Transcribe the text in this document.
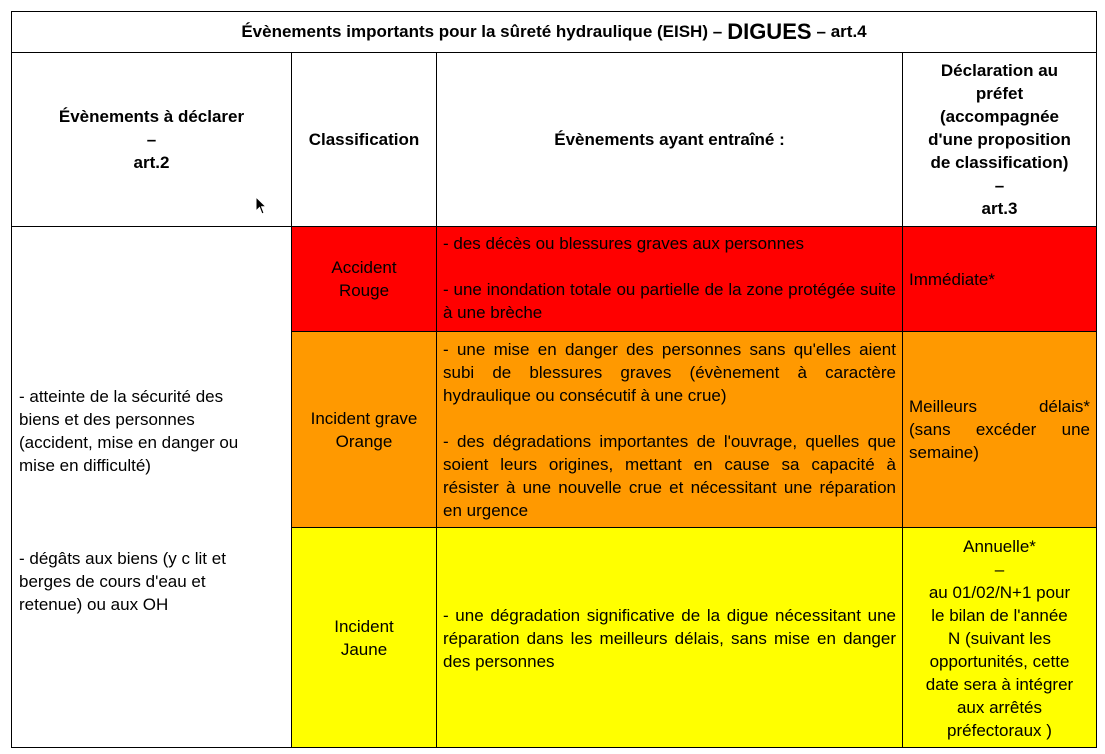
Évènements importants pour la sûreté hydraulique (EISH) – DIGUES – art.4
Évènements à déclarer
–
art.2
Classification	Évènements ayant entraîné :
Déclaration au
préfet
(accompagnée
d'une proposition
de classification)
–
art.3
- atteinte de la sécurité des
biens et des personnes
(accident, mise en danger ou
mise en difficulté)
- dégâts aux biens (y c lit et
berges de cours d'eau et
retenue) ou aux OH
Accident
Rouge
- des décès ou blessures graves aux personnes
- une inondation totale ou partielle de la zone protégée suite à une brèche
Immédiate*
Incident grave
Orange
- une mise en danger des personnes sans qu'elles aient subi de blessures graves (évènement à caractère hydraulique ou consécutif à une crue)
- des dégradations importantes de l'ouvrage, quelles que soient leurs origines, mettant en cause sa capacité à résister à une nouvelle crue et nécessitant une réparation en urgence
Meilleurs délais*
(sans excéder une semaine)
Incident
Jaune
- une dégradation significative de la digue nécessitant une réparation dans les meilleurs délais, sans mise en danger des personnes
Annuelle*
–
au 01/02/N+1 pour
le bilan de l'année
N (suivant les
opportunités, cette
date sera à intégrer
aux arrêtés
préfectoraux )
